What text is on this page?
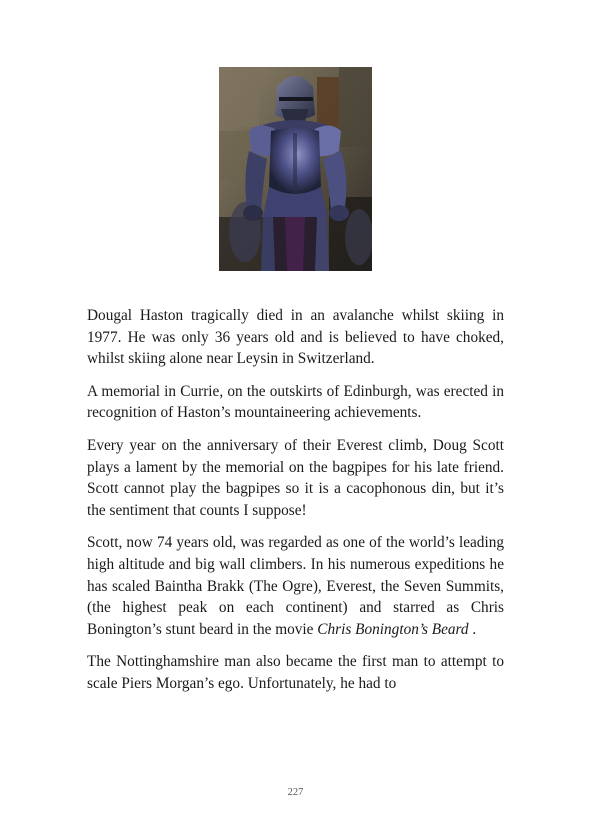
Dougal Haston tragically died in an avalanche whilst skiing in 1977. He was only 36 years old and is believed to have choked, whilst skiing alone near Leysin in Switzerland.

A memorial in Currie, on the outskirts of Edinburgh, was erected in recognition of Haston’s mountaineering achievements.

Every year on the anniversary of their Everest climb, Doug Scott plays a lament by the memorial on the bagpipes for his late friend. Scott cannot play the bagpipes so it is a cacophonous din, but it’s the sentiment that counts I suppose!

Scott, now 74 years old, was regarded as one of the world’s leading high altitude and big wall climbers. In his numerous expeditions he has scaled Baintha Brakk (The Ogre), Everest, the Seven Summits, (the highest peak on each continent) and starred as Chris Bonington’s stunt beard in the movie Chris Bonington’s Beard .

The Nottinghamshire man also became the first man to attempt to scale Piers Morgan’s ego. Unfortunately, he had to

227
